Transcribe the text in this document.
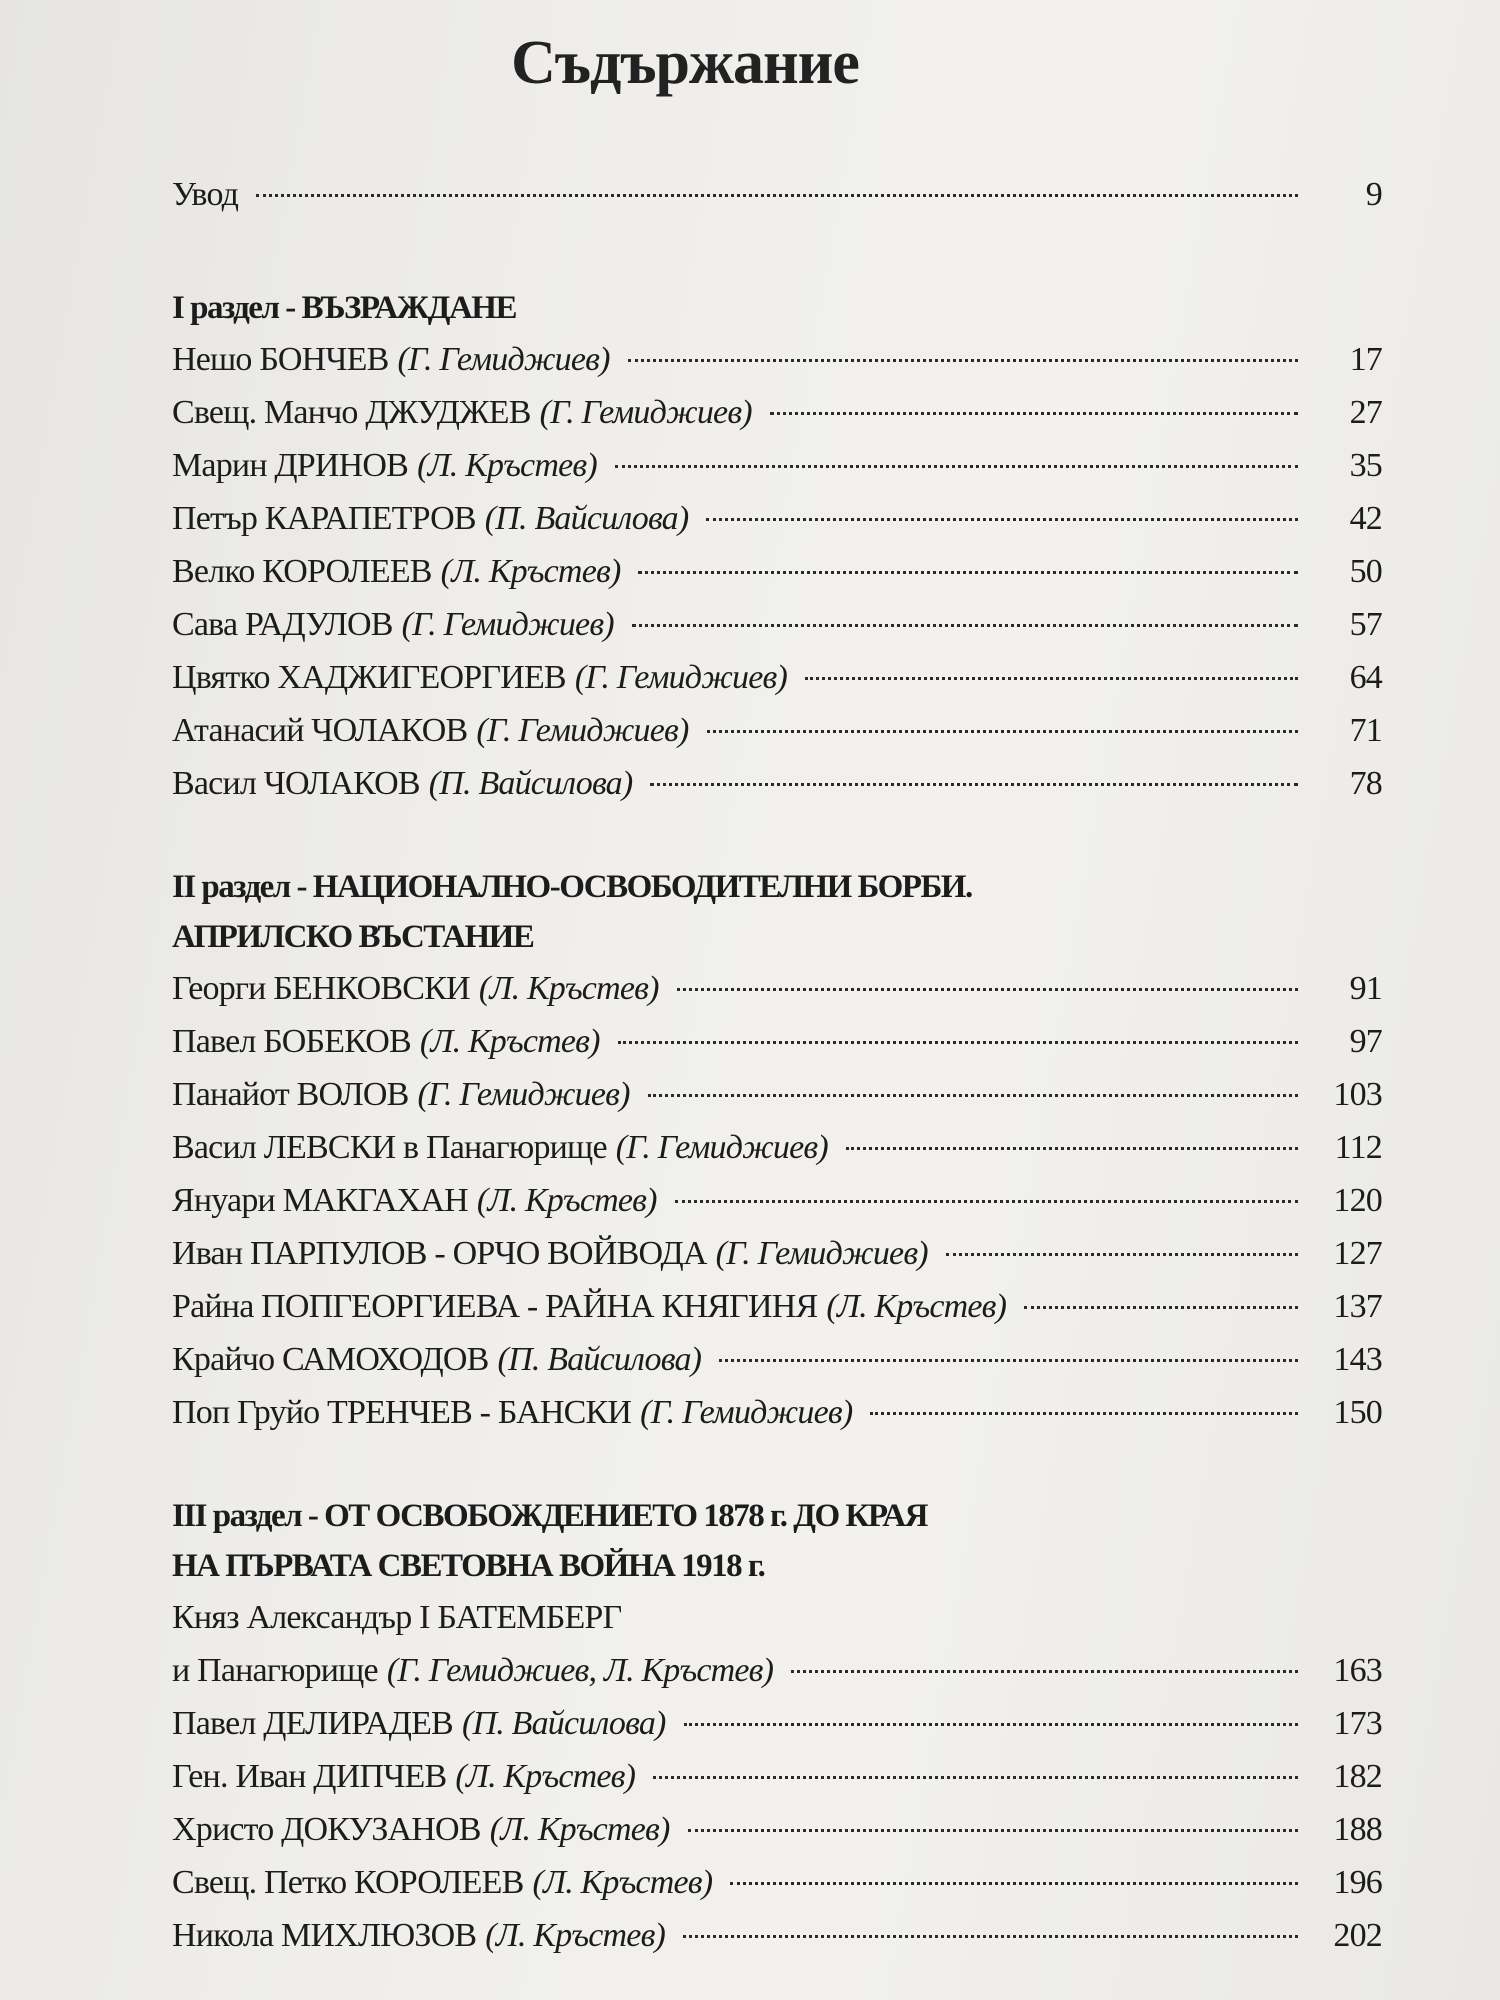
Съдържание
Увод	9
I раздел - ВЪЗРАЖДАНЕ
Нешо БОНЧЕВ (Г. Гемиджиев)	17
Свещ. Манчо ДЖУДЖЕВ (Г. Гемиджиев)	27
Марин ДРИНОВ (Л. Кръстев)	35
Петър КАРАПЕТРОВ (П. Вайсилова)	42
Велко КОРОЛЕЕВ (Л. Кръстев)	50
Сава РАДУЛОВ (Г. Гемиджиев)	57
Цвятко ХАДЖИГЕОРГИЕВ (Г. Гемиджиев)	64
Атанасий ЧОЛАКОВ (Г. Гемиджиев)	71
Васил ЧОЛАКОВ (П. Вайсилова)	78
II раздел - НАЦИОНАЛНО-ОСВОБОДИТЕЛНИ БОРБИ.
АПРИЛСКО ВЪСТАНИЕ
Георги БЕНКОВСКИ (Л. Кръстев)	91
Павел БОБЕКОВ (Л. Кръстев)	97
Панайот ВОЛОВ (Г. Гемиджиев)	103
Васил ЛЕВСКИ в Панагюрище (Г. Гемиджиев)	112
Януари МАКГАХАН (Л. Кръстев)	120
Иван ПАРПУЛОВ - ОРЧО ВОЙВОДА (Г. Гемиджиев)	127
Райна ПОПГЕОРГИЕВА - РАЙНА КНЯГИНЯ (Л. Кръстев)	137
Крайчо САМОХОДОВ (П. Вайсилова)	143
Поп Груйо ТРЕНЧЕВ - БАНСКИ (Г. Гемиджиев)	150
III раздел - ОТ ОСВОБОЖДЕНИЕТО 1878 г. ДО КРАЯ
НА ПЪРВАТА СВЕТОВНА ВОЙНА 1918 г.
Княз Александър I БАТЕМБЕРГ
и Панагюрище (Г. Гемиджиев, Л. Кръстев)	163
Павел ДЕЛИРАДЕВ (П. Вайсилова)	173
Ген. Иван ДИПЧЕВ (Л. Кръстев)	182
Христо ДОКУЗАНОВ (Л. Кръстев)	188
Свещ. Петко КОРОЛЕЕВ (Л. Кръстев)	196
Никола МИХЛЮЗОВ (Л. Кръстев)	202
